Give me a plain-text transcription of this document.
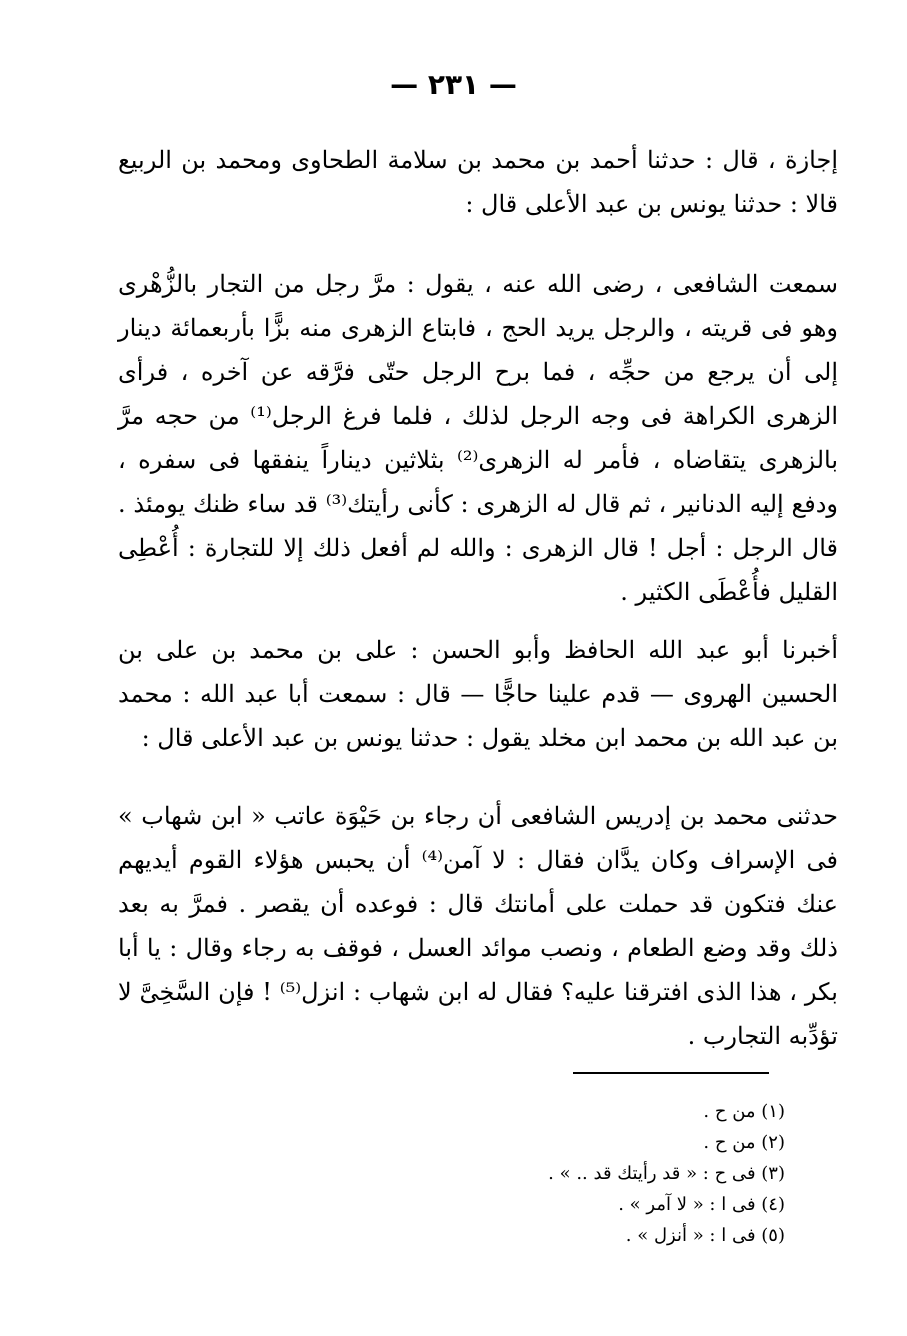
— ٢٣١ —

إجازة ، قال : حدثنا أحمد بن محمد بن سلامة الطحاوى ومحمد بن الربيع قالا : حدثنا يونس بن عبد الأعلى قال :

سمعت الشافعى ، رضى الله عنه ، يقول : مرَّ رجل من التجار بالزُّهْرى وهو فى قريته ، والرجل يريد الحج ، فابتاع الزهرى منه بزًّا بأربعمائة دينار إلى أن يرجع من حجِّه ، فما برح الرجل حتّى فرَّقه عن آخره ، فرأى الزهرى الكراهة فى وجه الرجل لذلك ، فلما فرغ الرجل⁽¹⁾ من حجه مرَّ بالزهرى يتقاضاه ، فأمر له الزهرى⁽²⁾ بثلاثين ديناراً ينفقها فى سفره ، ودفع إليه الدنانير ، ثم قال له الزهرى : كأنى رأيتك⁽³⁾ قد ساء ظنك يومئذ . قال الرجل : أجل ! قال الزهرى : والله لم أفعل ذلك إلا للتجارة : أُعْطِى القليل فأُعْطَى الكثير .

أخبرنا أبو عبد الله الحافظ وأبو الحسن : على بن محمد بن على بن الحسين الهروى — قدم علينا حاجًّا — قال : سمعت أبا عبد الله : محمد بن عبد الله بن محمد ابن مخلد يقول : حدثنا يونس بن عبد الأعلى قال :

حدثنى محمد بن إدريس الشافعى أن رجاء بن حَيْوَة عاتب « ابن شهاب » فى الإسراف وكان يدَّان فقال : لا آمن⁽⁴⁾ أن يحبس هؤلاء القوم أيديهم عنك فتكون قد حملت على أمانتك قال : فوعده أن يقصر . فمرَّ به بعد ذلك وقد وضع الطعام ، ونصب موائد العسل ، فوقف به رجاء وقال : يا أبا بكر ، هذا الذى افترقنا عليه؟ فقال له ابن شهاب : انزل⁽⁵⁾ ! فإن السَّخِىَّ لا تؤدِّبه التجارب .

(١) من ح .
(٢) من ح .
(٣) فى ح : « قد رأيتك قد .. » .
(٤) فى ا : « لا آمر » .
(٥) فى ا : « أنزل » .
